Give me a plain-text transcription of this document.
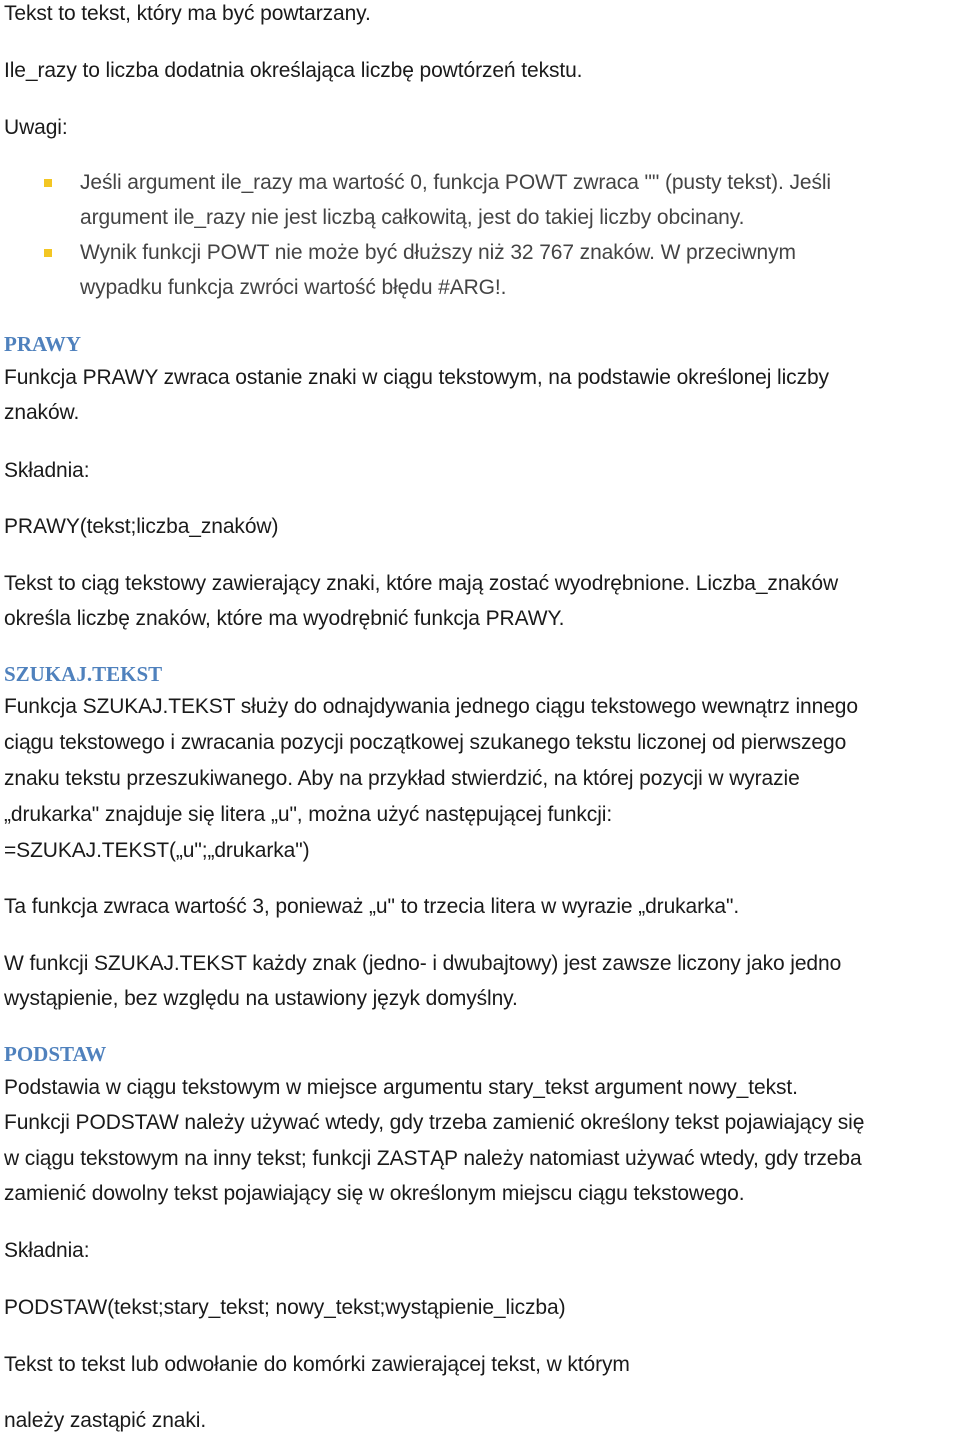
Tekst to tekst, który ma być powtarzany.

Ile_razy to liczba dodatnia określająca liczbę powtórzeń tekstu.

Uwagi:

Jeśli argument ile_razy ma wartość 0, funkcja POWT zwraca "" (pusty tekst). Jeśli

argument ile_razy nie jest liczbą całkowitą, jest do takiej liczby obcinany.

Wynik funkcji POWT nie może być dłuższy niż 32 767 znaków. W przeciwnym

wypadku funkcja zwróci wartość błędu #ARG!.

PRAWY

Funkcja PRAWY zwraca ostanie znaki w ciągu tekstowym, na podstawie określonej liczby

znaków.

Składnia:

PRAWY(tekst;liczba_znaków)

Tekst to ciąg tekstowy zawierający znaki, które mają zostać wyodrębnione. Liczba_znaków

określa liczbę znaków, które ma wyodrębnić funkcja PRAWY.

SZUKAJ.TEKST

Funkcja SZUKAJ.TEKST służy do odnajdywania jednego ciągu tekstowego wewnątrz innego

ciągu tekstowego i zwracania pozycji początkowej szukanego tekstu liczonej od pierwszego

znaku tekstu przeszukiwanego. Aby na przykład stwierdzić, na której pozycji w wyrazie

„drukarka" znajduje się litera „u", można użyć następującej funkcji:

=SZUKAJ.TEKST(„u";„drukarka")

Ta funkcja zwraca wartość 3, ponieważ „u" to trzecia litera w wyrazie „drukarka".

W funkcji SZUKAJ.TEKST każdy znak (jedno- i dwubajtowy) jest zawsze liczony jako jedno

wystąpienie, bez względu na ustawiony język domyślny.

PODSTAW

Podstawia w ciągu tekstowym w miejsce argumentu stary_tekst argument nowy_tekst.

Funkcji PODSTAW należy używać wtedy, gdy trzeba zamienić określony tekst pojawiający się

w ciągu tekstowym na inny tekst; funkcji ZASTĄP należy natomiast używać wtedy, gdy trzeba

zamienić dowolny tekst pojawiający się w określonym miejscu ciągu tekstowego.

Składnia:

PODSTAW(tekst;stary_tekst; nowy_tekst;wystąpienie_liczba)

Tekst to tekst lub odwołanie do komórki zawierającej tekst, w którym

należy zastąpić znaki.
